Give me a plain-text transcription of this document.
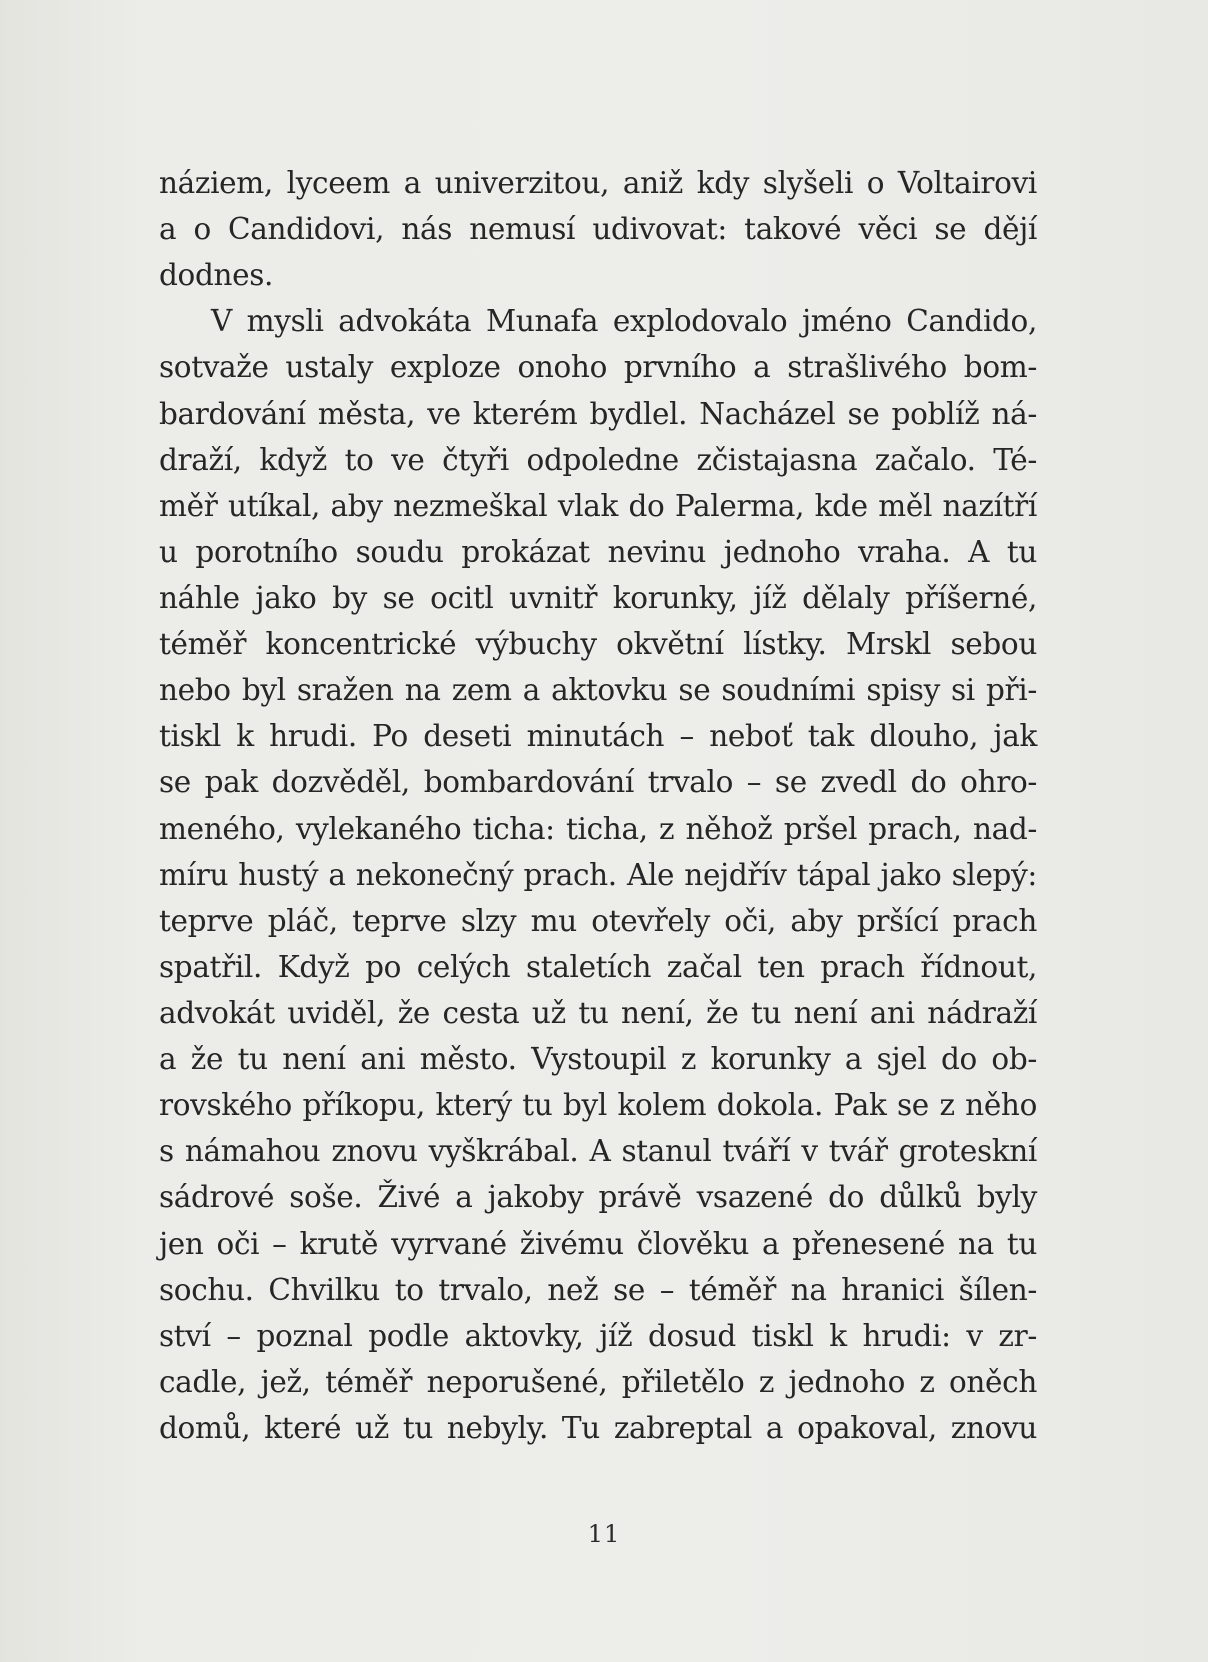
náziem, lyceem a univerzitou, aniž kdy slyšeli o Voltairovi
a o Candidovi, nás nemusí udivovat: takové věci se dějí
dodnes.
V mysli advokáta Munafa explodovalo jméno Candido,
sotvaže ustaly exploze onoho prvního a strašlivého bom-
bardování města, ve kterém bydlel. Nacházel se poblíž ná-
draží, když to ve čtyři odpoledne zčistajasna začalo. Té-
měř utíkal, aby nezmeškal vlak do Palerma, kde měl nazítří
u porotního soudu prokázat nevinu jednoho vraha. A tu
náhle jako by se ocitl uvnitř korunky, jíž dělaly příšerné,
téměř koncentrické výbuchy okvětní lístky. Mrskl sebou
nebo byl sražen na zem a aktovku se soudními spisy si při-
tiskl k hrudi. Po deseti minutách – neboť tak dlouho, jak
se pak dozvěděl, bombardování trvalo – se zvedl do ohro-
meného, vylekaného ticha: ticha, z něhož pršel prach, nad-
míru hustý a nekonečný prach. Ale nejdřív tápal jako slepý:
teprve pláč, teprve slzy mu otevřely oči, aby pršící prach
spatřil. Když po celých staletích začal ten prach řídnout,
advokát uviděl, že cesta už tu není, že tu není ani nádraží
a že tu není ani město. Vystoupil z korunky a sjel do ob-
rovského příkopu, který tu byl kolem dokola. Pak se z něho
s námahou znovu vyškrábal. A stanul tváří v tvář groteskní
sádrové soše. Živé a jakoby právě vsazené do důlků byly
jen oči – krutě vyrvané živému člověku a přenesené na tu
sochu. Chvilku to trvalo, než se – téměř na hranici šílen-
ství – poznal podle aktovky, jíž dosud tiskl k hrudi: v zr-
cadle, jež, téměř neporušené, přiletělo z jednoho z oněch
domů, které už tu nebyly. Tu zabreptal a opakoval, znovu
11
